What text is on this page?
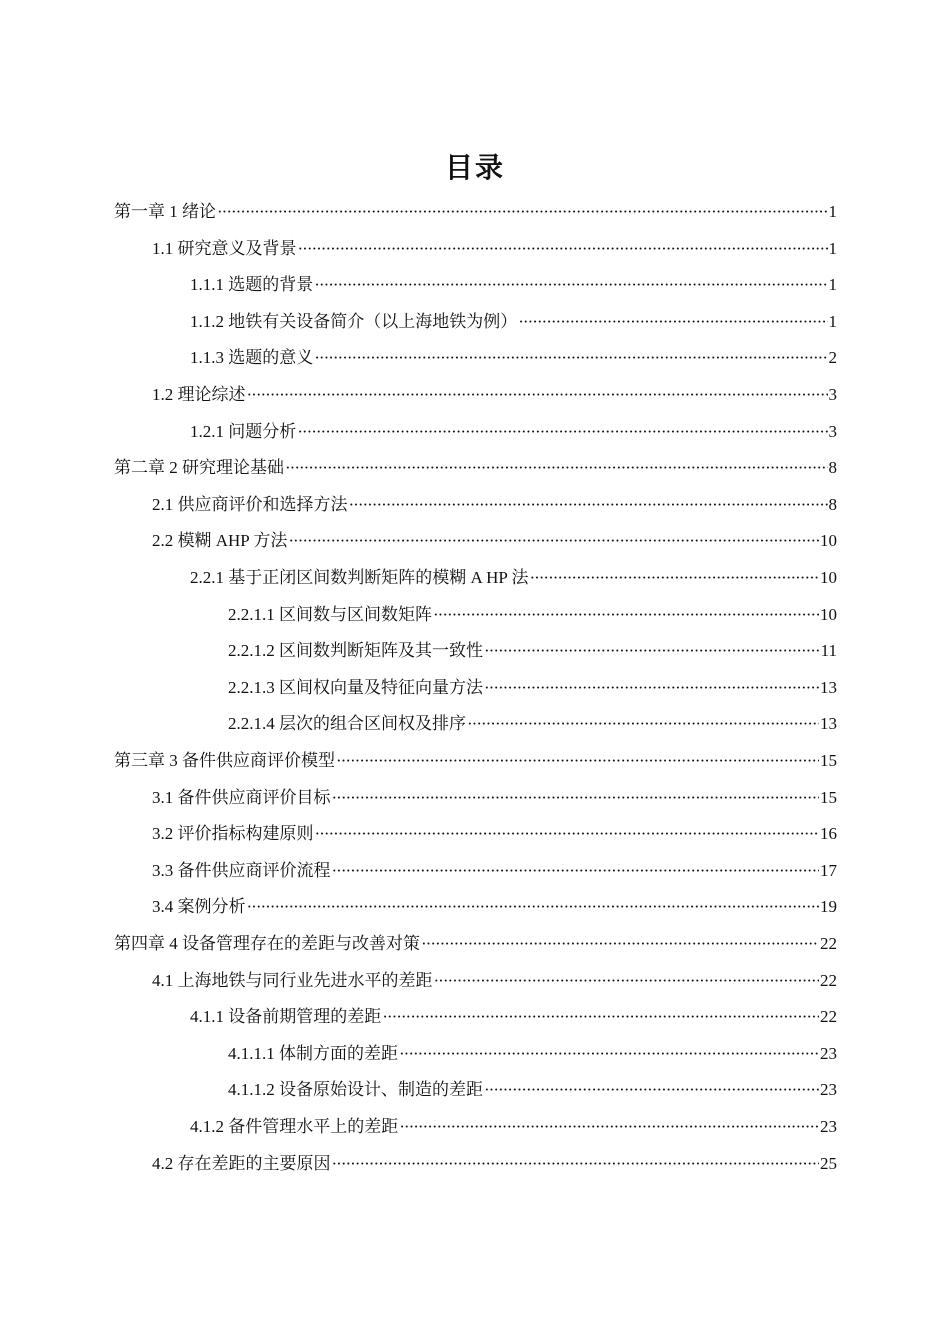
目录
第一章 1 绪论 ·····	1
1.1 研究意义及背景 ·····	1
1.1.1 选题的背景 ·····	1
1.1.2 地铁有关设备简介（以上海地铁为例） ·····	1
1.1.3 选题的意义 ·····	2
1.2 理论综述 ·····	3
1.2.1 问题分析 ·····	3
第二章 2 研究理论基础 ·····	8
2.1 供应商评价和选择方法 ·····	8
2.2 模糊 AHP 方法 ·····	10
2.2.1 基于正闭区间数判断矩阵的模糊 A HP 法 ·····	10
2.2.1.1 区间数与区间数矩阵 ·····	10
2.2.1.2 区间数判断矩阵及其一致性 ·····	11
2.2.1.3 区间权向量及特征向量方法 ·····	13
2.2.1.4 层次的组合区间权及排序 ·····	13
第三章 3 备件供应商评价模型 ·····	15
3.1 备件供应商评价目标 ·····	15
3.2 评价指标构建原则 ·····	16
3.3 备件供应商评价流程 ·····	17
3.4 案例分析 ·····	19
第四章 4 设备管理存在的差距与改善对策 ·····	22
4.1 上海地铁与同行业先进水平的差距 ·····	22
4.1.1 设备前期管理的差距 ·····	22
4.1.1.1 体制方面的差距 ·····	23
4.1.1.2 设备原始设计、制造的差距 ·····	23
4.1.2 备件管理水平上的差距 ·····	23
4.2 存在差距的主要原因 ·····	25
